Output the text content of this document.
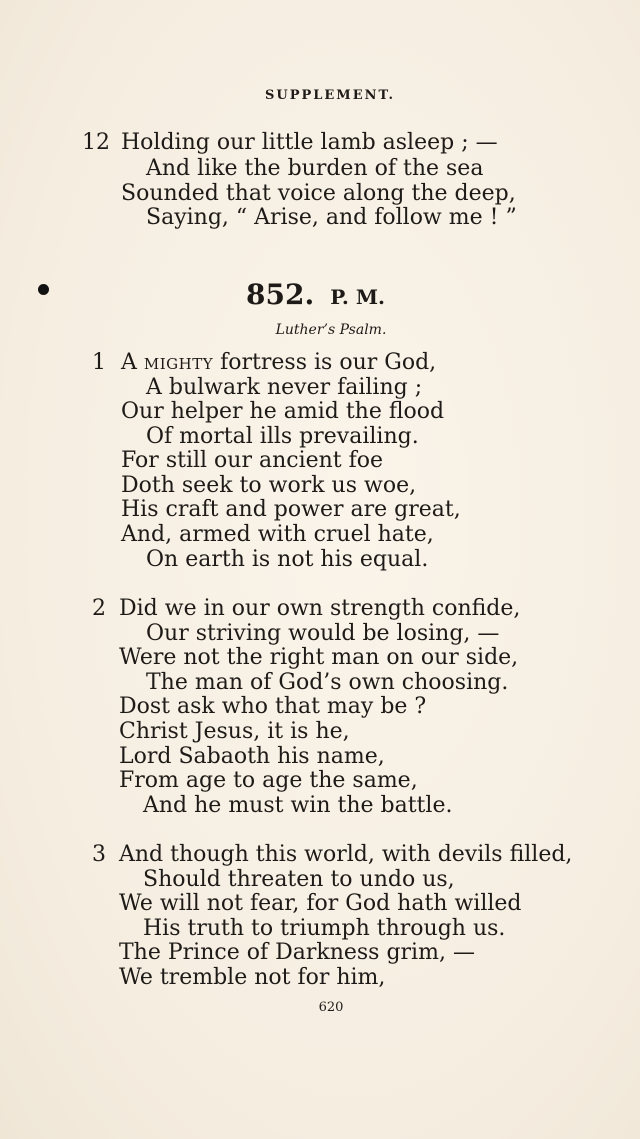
SUPPLEMENT.
12 Holding our little lamb asleep ; —
And like the burden of the sea
Sounded that voice along the deep,
Saying, “ Arise, and follow me ! ”
852. P. M.
Luther’s Psalm.
1 A mighty fortress is our God,
A bulwark never failing ;
Our helper he amid the flood
Of mortal ills prevailing.
For still our ancient foe
Doth seek to work us woe,
His craft and power are great,
And, armed with cruel hate,
On earth is not his equal.
2 Did we in our own strength confide,
Our striving would be losing, —
Were not the right man on our side,
The man of God’s own choosing.
Dost ask who that may be ?
Christ Jesus, it is he,
Lord Sabaoth his name,
From age to age the same,
And he must win the battle.
3 And though this world, with devils filled,
Should threaten to undo us,
We will not fear, for God hath willed
His truth to triumph through us.
The Prince of Darkness grim, —
We tremble not for him,
620
